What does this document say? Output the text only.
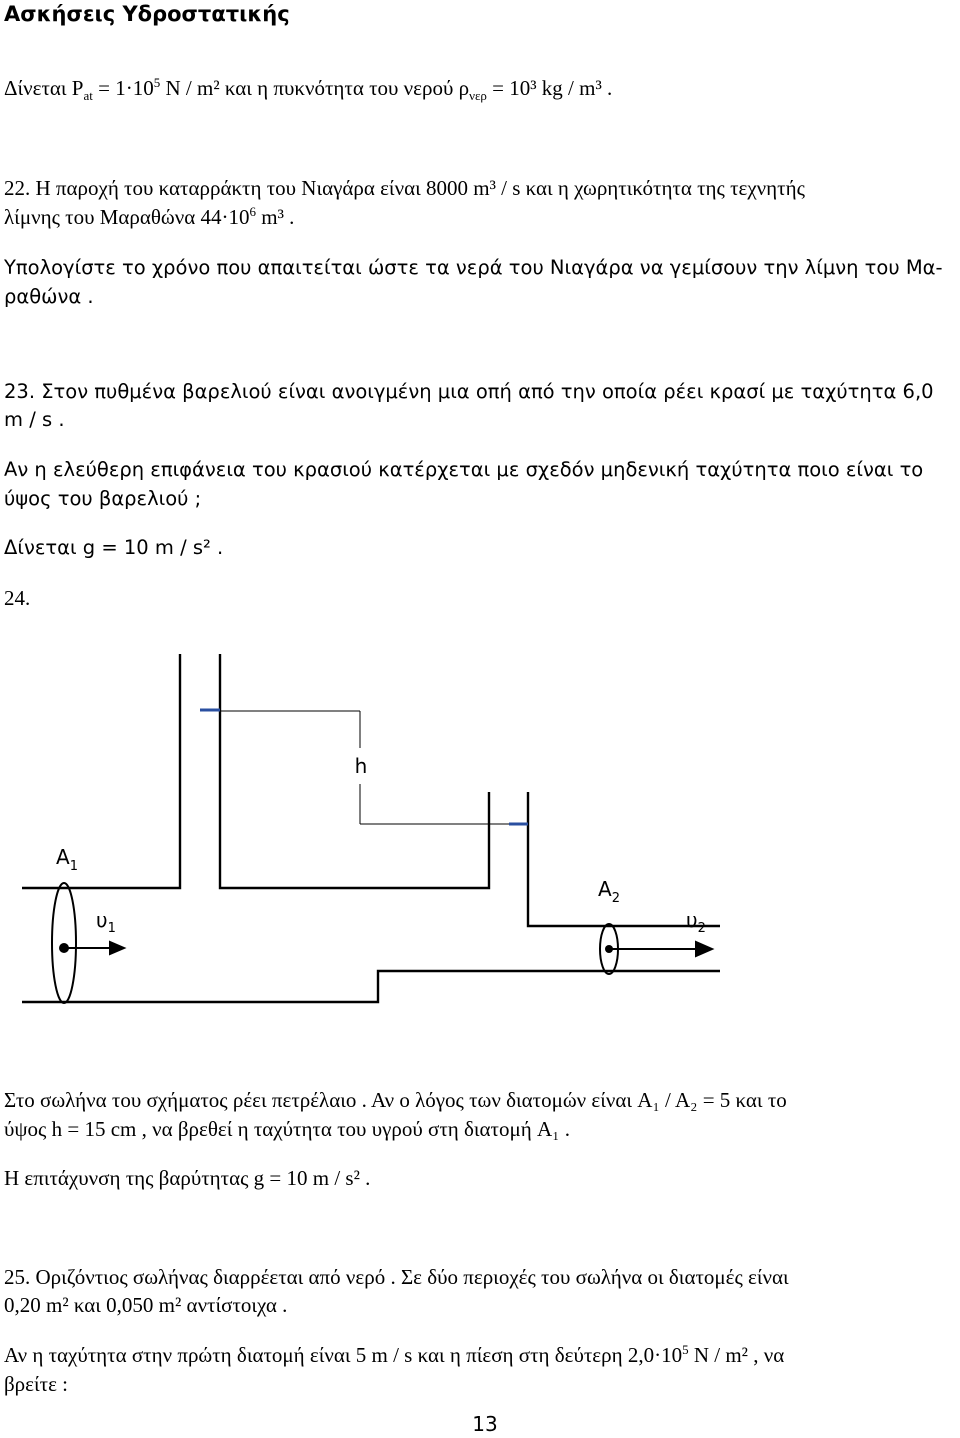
Ασκήσεις Υδροστατικής
Δίνεται $P_{at} = 1\cdot 10^5$ N / m² και η πυκνότητα του νερού $\rho_{\nu\varepsilon\rho} = 10^3$ kg / m³ .
22. Η παροχή του καταρράκτη του Νιαγάρα είναι 8000 m³ / s και η χωρητικότητα της τεχνητής
λίμνης του Μαραθώνα $44\cdot 10^6$ m³ .
Υπολογίστε το χρόνο που απαιτείται ώστε τα νερά του Νιαγάρα να γεμίσουν την λίμνη του Μα-
ραθώνα .
23. Στον πυθμένα βαρελιού είναι ανοιγμένη μια οπή από την οποία ρέει κρασί με ταχύτητα 6,0
m / s .
Αν η ελεύθερη επιφάνεια του κρασιού κατέρχεται με σχεδόν μηδενική ταχύτητα ποιο είναι το
ύψος του βαρελιού ;
Δίνεται g = 10 m / s² .
24.
h
$A_1$
$A_2$
$\upsilon_1$	$\upsilon_2$
Στο σωλήνα του σχήματος ρέει πετρέλαιο . Αν ο λόγος των διατομών είναι A₁ / A₂ = 5 και το
ύψος h = 15 cm , να βρεθεί η ταχύτητα του υγρού στη διατομή A₁ .
Η επιτάχυνση της βαρύτητας g = 10 m / s² .
25. Οριζόντιος σωλήνας διαρρέεται από νερό . Σε δύο περιοχές του σωλήνα οι διατομές είναι
0,20 m² και 0,050 m² αντίστοιχα .
Αν η ταχύτητα στην πρώτη διατομή είναι 5 m / s και η πίεση στη δεύτερη $2,0\cdot 10^5$ N / m² , να
βρείτε :
13
